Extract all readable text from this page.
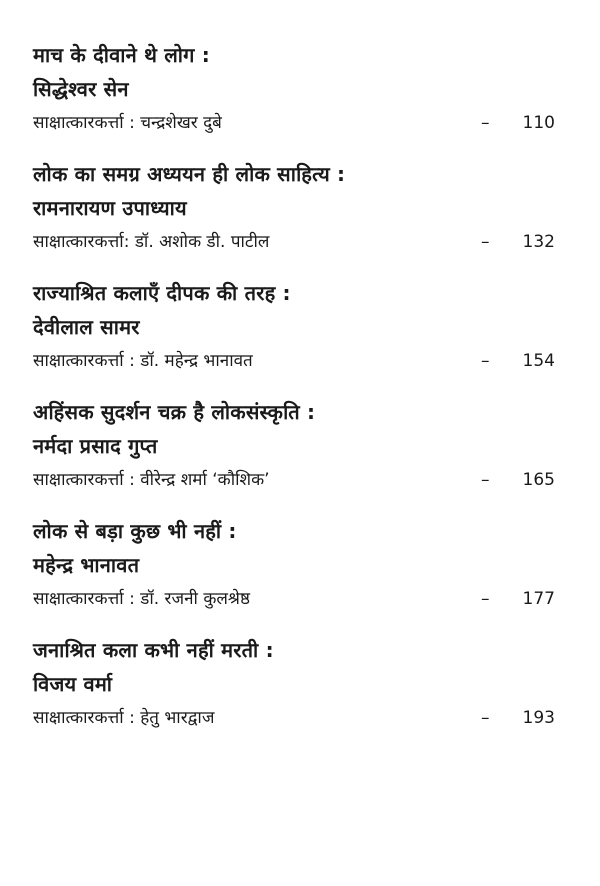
माच के दीवाने थे लोग :
सिद्धेश्वर सेन
साक्षात्कारकर्त्ता : चन्द्रशेखर दुबे	– 110
लोक का समग्र अध्ययन ही लोक साहित्य :
रामनारायण उपाध्याय
साक्षात्कारकर्त्ता: डॉ. अशोक डी. पाटील	– 132
राज्याश्रित कलाएँ दीपक की तरह :
देवीलाल सामर
साक्षात्कारकर्त्ता : डॉ. महेन्द्र भानावत	– 154
अहिंसक सुदर्शन चक्र है लोकसंस्कृति :
नर्मदा प्रसाद गुप्त
साक्षात्कारकर्त्ता : वीरेन्द्र शर्मा ‘कौशिक’	– 165
लोक से बड़ा कुछ भी नहीं :
महेन्द्र भानावत
साक्षात्कारकर्त्ता : डॉ. रजनी कुलश्रेष्ठ	– 177
जनाश्रित कला कभी नहीं मरती :
विजय वर्मा
साक्षात्कारकर्त्ता : हेतु भारद्वाज	– 193
